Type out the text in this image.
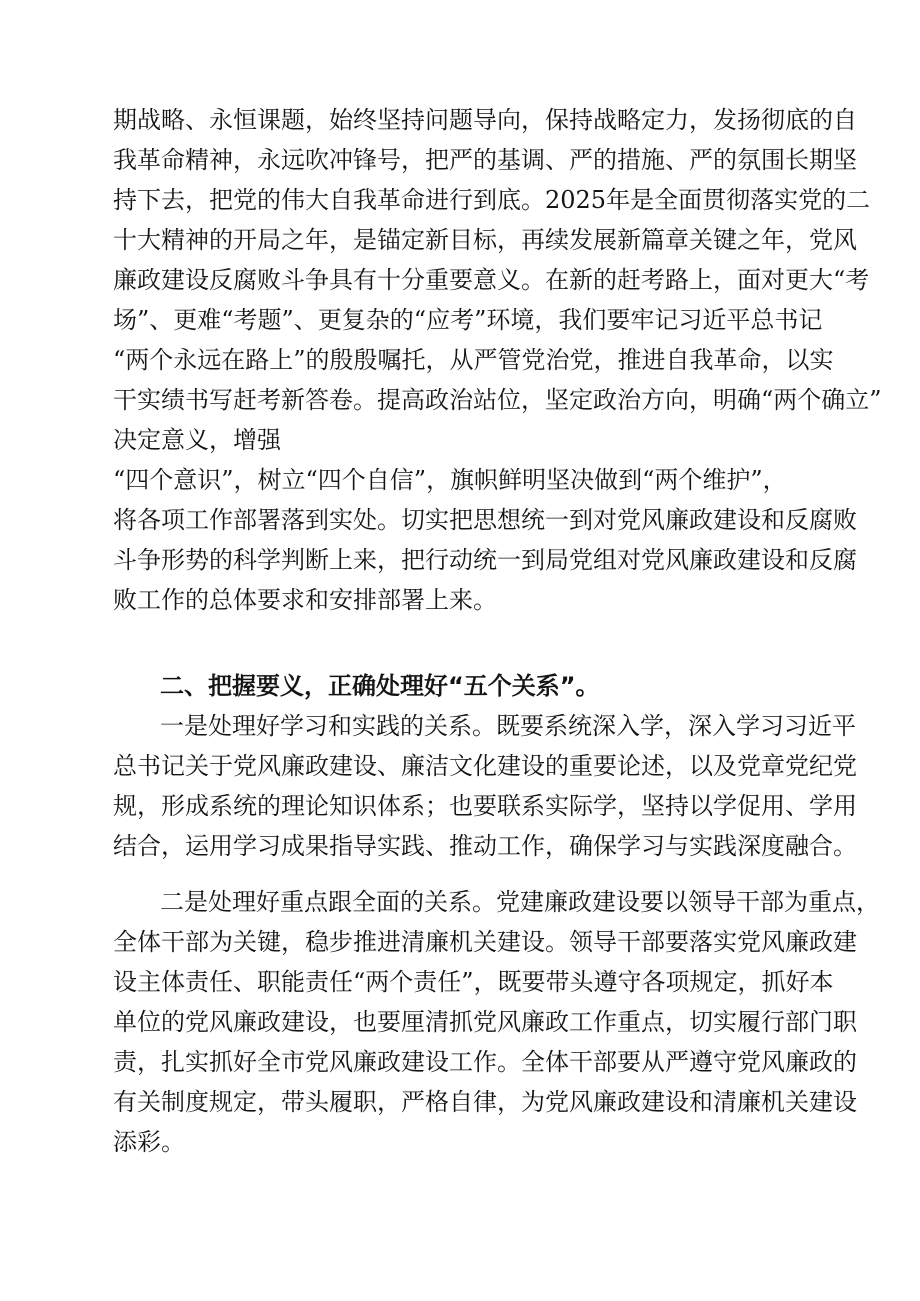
期战略、永恒课题，始终坚持问题导向，保持战略定力，发扬彻底的自
我革命精神，永远吹冲锋号，把严的基调、严的措施、严的氛围长期坚
持下去，把党的伟大自我革命进行到底。2025年是全面贯彻落实党的二
十大精神的开局之年，是锚定新目标，再续发展新篇章关键之年，党风
廉政建设反腐败斗争具有十分重要意义。在新的赶考路上，面对更大“考
场”、更难“考题”、更复杂的“应考”环境，我们要牢记习近平总书记
“两个永远在路上”的殷殷嘱托，从严管党治党，推进自我革命，以实
干实绩书写赶考新答卷。提高政治站位，坚定政治方向，明确“两个确立”
决定意义，增强
“四个意识”，树立“四个自信”，旗帜鲜明坚决做到“两个维护”，
将各项工作部署落到实处。切实把思想统一到对党风廉政建设和反腐败
斗争形势的科学判断上来，把行动统一到局党组对党风廉政建设和反腐
败工作的总体要求和安排部署上来。
二、把握要义，正确处理好“五个关系”。
一是处理好学习和实践的关系。既要系统深入学，深入学习习近平
总书记关于党风廉政建设、廉洁文化建设的重要论述，以及党章党纪党
规，形成系统的理论知识体系；也要联系实际学，坚持以学促用、学用
结合，运用学习成果指导实践、推动工作，确保学习与实践深度融合。
二是处理好重点跟全面的关系。党建廉政建设要以领导干部为重点，
全体干部为关键，稳步推进清廉机关建设。领导干部要落实党风廉政建
设主体责任、职能责任“两个责任”，既要带头遵守各项规定，抓好本
单位的党风廉政建设，也要厘清抓党风廉政工作重点，切实履行部门职
责，扎实抓好全市党风廉政建设工作。全体干部要从严遵守党风廉政的
有关制度规定，带头履职，严格自律，为党风廉政建设和清廉机关建设
添彩。
